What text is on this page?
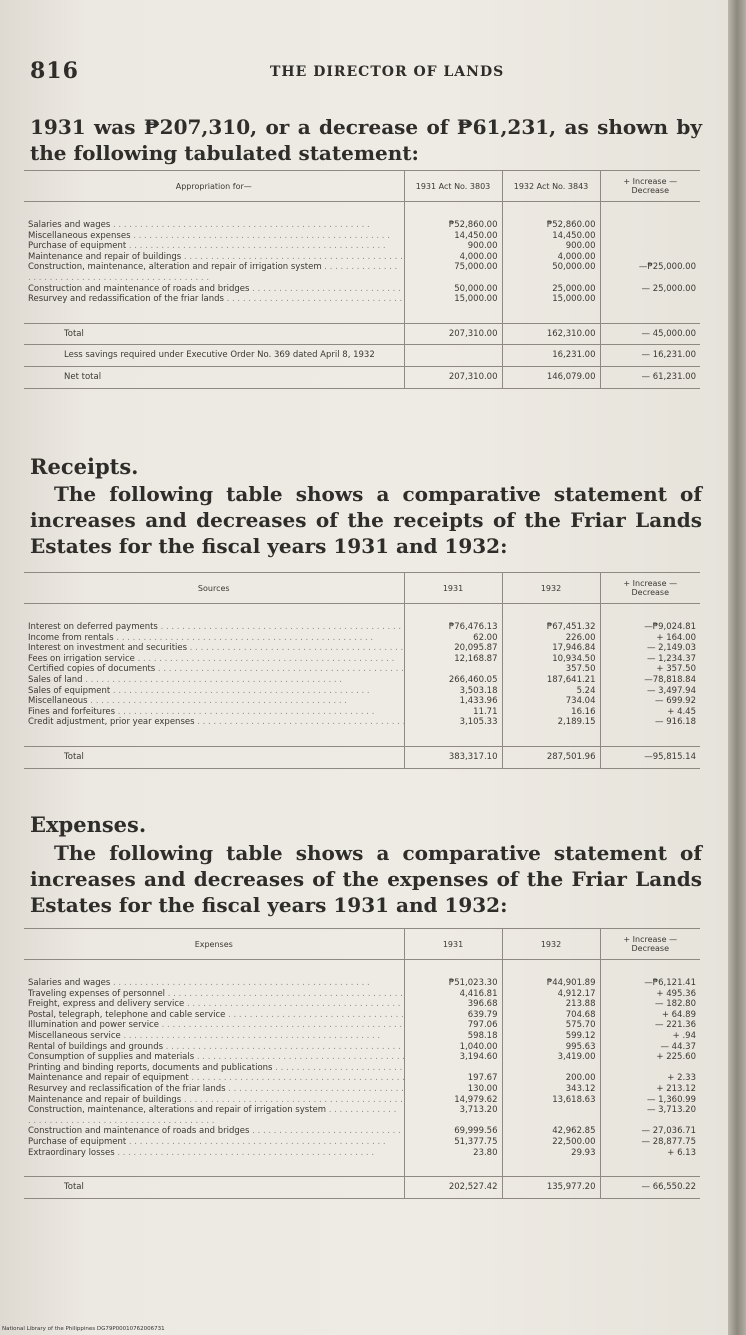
816	THE DIRECTOR OF LANDS

1931 was ₱207,310, or a decrease of ₱61,231, as shown by the following tabulated statement:

Appropriation for—	1931 Act No. 3803	1932 Act No. 3843	+ Increase — Decrease

Salaries and wages . . .	₱52,860.00	₱52,860.00	
Miscellaneous expenses . . .	14,450.00	14,450.00	
Purchase of equipment . . .	900.00	900.00	
Maintenance and repair of buildings . . .	4,000.00	4,000.00	
Construction, maintenance, alteration and repair of irrigation system . . .	75,000.00	50,000.00	—₱25,000.00
Construction and maintenance of roads and bridges . . .	50,000.00	25,000.00	— 25,000.00
Resurvey and redassification of the friar lands . . .	15,000.00	15,000.00	

Total	207,310.00	162,310.00	— 45,000.00
Less savings required under Executive Order No. 369 dated April 8, 1932		16,231.00	— 16,231.00
Net total	207,310.00	146,079.00	— 61,231.00
Receipts.

The following table shows a comparative statement of increases and decreases of the receipts of the Friar Lands Estates for the fiscal years 1931 and 1932:

Sources	1931	1932	+ Increase — Decrease

Interest on deferred payments . . .	₱76,476.13	₱67,451.32	—₱9,024.81
Income from rentals . . .	62.00	226.00	+ 164.00
Interest on investment and securities . . .	20,095.87	17,946.84	— 2,149.03
Fees on irrigation service . . .	12,168.87	10,934.50	— 1,234.37
Certified copies of documents . . .		357.50	+ 357.50
Sales of land . . .	266,460.05	187,641.21	—78,818.84
Sales of equipment . . .	3,503.18	5.24	— 3,497.94
Miscellaneous . . .	1,433.96	734.04	— 699.92
Fines and forfeitures . . .	11.71	16.16	+ 4.45
Credit adjustment, prior year expenses . . .	3,105.33	2,189.15	— 916.18

Total	383,317.10	287,501.96	—95,815.14
Expenses.

The following table shows a comparative statement of increases and decreases of the expenses of the Friar Lands Estates for the fiscal years 1931 and 1932:

Expenses	1931	1932	+ Increase — Decrease

Salaries and wages . . .	₱51,023.30	₱44,901.89	—₱6,121.41
Traveling expenses of personnel . . .	4,416.81	4,912.17	+ 495.36
Freight, express and delivery service . . .	396.68	213.88	— 182.80
Postal, telegraph, telephone and cable service . . .	639.79	704.68	+ 64.89
Illumination and power service . . .	797.06	575.70	— 221.36
Miscellaneous service . . .	598.18	599.12	+ .94
Rental of buildings and grounds . . .	1,040.00	995.63	— 44.37
Consumption of supplies and materials . . .	3,194.60	3,419.00	+ 225.60
Printing and binding reports, documents and publications . . .			
Maintenance and repair of equipment . . .	197.67	200.00	+ 2.33
Resurvey and reclassification of the friar lands . . .	130.00	343.12	+ 213.12
Maintenance and repair of buildings . . .	14,979.62	13,618.63	— 1,360.99
Construction, maintenance, alterations and repair of irrigation system . . .	3,713.20		— 3,713.20
Construction and maintenance of roads and bridges . . .	69,999.56	42,962.85	— 27,036.71
Purchase of equipment . . .	51,377.75	22,500.00	— 28,877.75
Extraordinary losses . . .	23.80	29.93	+ 6.13

Total	202,527.42	135,977.20	— 66,550.22
National Library of the Philippines DG79P00010762006731
